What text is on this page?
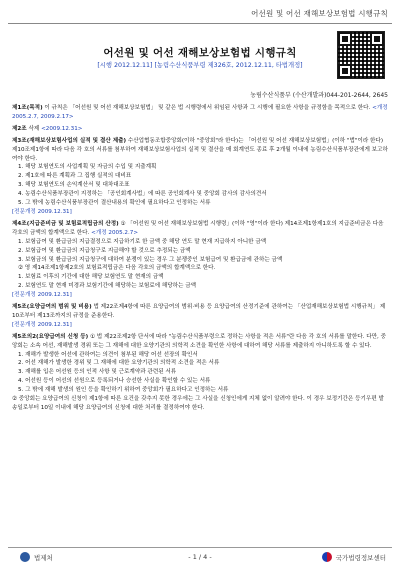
어선원 및 어선 재해보상보험법 시행규칙
어선원 및 어선 재해보상보험법 시행규칙
[시행 2012.12.11] [농림수산식품부령 제326호, 2012.12.11, 타법개정]
농림수산식품부 (수산개발과)044-201-2644, 2645

제1조(목적) 이 규칙은 「어선원 및 어선 재해보상보험법」 및 같은 법 시행령에서 위임된 사항과 그 시행에 필요한 사항을 규정함을 목적으로 한다. <개정 2005.2.7, 2009.2.17>

제2조 삭제 <2009.12.31>

제3조(재해보상보험사업의 실적 및 결산 제출) 수산업협동조합중앙회(이하 "중앙회"라 한다)는 「어선원 및 어선 재해보상보험법」(이하 "법"이라 한다) 제10조제1항에 따라 다음 각 호의 서류를 첨부하여 재해보상보험사업의 실적 및 결산을 매 회계연도 종료 후 2개월 이내에 농림수산식품부장관에게 보고하여야 한다.
1. 해당 보험연도의 사업계획 및 자금의 수입 및 지출계획
2. 제1호에 따른 계획과 그 집행 실적의 대비표
3. 해당 보험연도의 손익계산서 및 대차대조표
4. 농림수산식품부장관이 지정하는 「공인회계사법」에 따른 공인회계사 및 중앙회 감사의 감사의견서
5. 그 밖에 농림수산식품부장관이 결산내용의 확인에 필요하다고 인정하는 서류
[전문개정 2009.12.31]

제4조(지급준비금 및 보험료적립금의 산정) ① 「어선원 및 어선 재해보상보험법 시행령」(이하 "영"이라 한다) 제14조제1항제1호의 지급준비금은 다음 각호의 금액의 합계액으로 한다. <개정 2005.2.7>
1. 보험급여 및 환급금의 지급결정으로 지급하기로 한 금액 중 해당 연도 말 현재 지급하지 아니한 금액
2. 보험급여 및 환급금의 지급청구로 지급해야 할 것으로 추정되는 금액
3. 보험금의 및 환급금의 지급청구에 대하여 분쟁이 있는 경우 그 분쟁중인 보험급여 및 환급금에 관하는 금액
② 영 제14조제1항제2호의 보험료적립금은 다음 각호의 금액의 합계액으로 한다.
1. 보험료 이후의 기간에 대한 해당 보험연도 말 현재의 금액
2. 보험연도 말 현재 미경과 보험기간에 해당하는 보험료에 해당하는 금액
[전문개정 2009.12.31]

제5조(요양급여의 범위 및 비용) 법 제22조제4항에 따른 요양급여의 범위·비용 등 요양급여의 산정기준에 관하여는 「산업재해보상보험법 시행규칙」 제10조부터 제13조까지의 규정을 준용한다.
[전문개정 2009.12.31]

제5조의2(요양급여의 신청 등) ① 법 제22조제2항 단서에 따라 "농림수산식품부령으로 정하는 사항을 적은 서류"란 다음 각 호의 서류를 말한다. 다만, 중앙회는 소속 어선, 재해발생 경위 또는 그 재해에 대한 요양기관의 의학적 소견을 확인한 사항에 대하여 해당 서류를 제출하지 아니하도록 할 수 있다.
1. 재해가 발생한 어선에 관하여는 의견이 첨부된 해당 어선 선장의 확인서
2. 어선 재해가 발생한 경위 및 그 재해에 대한 요양기관의 의학적 소견을 적은 서류
3. 재해를 입은 어선원 등의 인적 사항 및 근로계약과 관련된 서류
4. 어선원 등이 어선의 선원으로 등록되거나 승선한 사실을 확인할 수 있는 서류
5. 그 밖에 재해 발생의 원인 등을 확인하기 위하여 중앙회가 필요하다고 인정하는 서류
② 중앙회는 요양급여의 신청이 제1항에 따른 요건을 갖추지 못한 경우에는 그 사실을 신청인에게 지체 없이 알려야 한다. 이 경우 보정기간은 등기우편 발송일로부터 10일 이내에 해당 요양급여의 신청에 대한 처리를 결정하여야 한다.

법제처	- 1 / 4 -	국가법령정보센터
